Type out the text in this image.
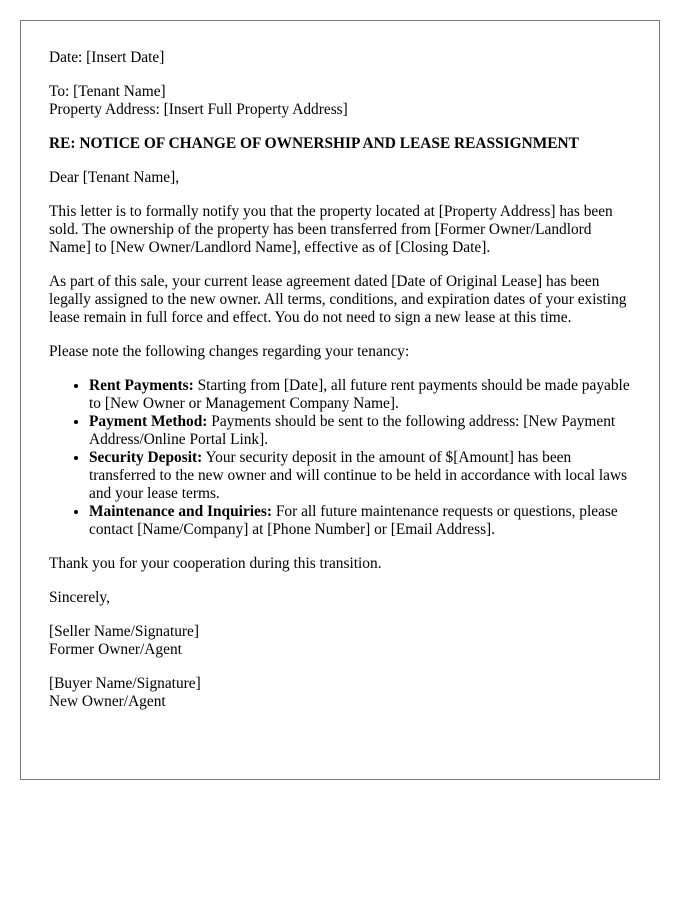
Date: [Insert Date]

To: [Tenant Name]

Property Address: [Insert Full Property Address]

RE: NOTICE OF CHANGE OF OWNERSHIP AND LEASE REASSIGNMENT

Dear [Tenant Name],

This letter is to formally notify you that the property located at [Property Address] has been sold. The ownership of the property has been transferred from [Former Owner/Landlord Name] to [New Owner/Landlord Name], effective as of [Closing Date].

As part of this sale, your current lease agreement dated [Date of Original Lease] has been legally assigned to the new owner. All terms, conditions, and expiration dates of your existing lease remain in full force and effect. You do not need to sign a new lease at this time.

Please note the following changes regarding your tenancy:

• Rent Payments: Starting from [Date], all future rent payments should be made payable to [New Owner or Management Company Name].
• Payment Method: Payments should be sent to the following address: [New Payment Address/Online Portal Link].
• Security Deposit: Your security deposit in the amount of $[Amount] has been transferred to the new owner and will continue to be held in accordance with local laws and your lease terms.
• Maintenance and Inquiries: For all future maintenance requests or questions, please contact [Name/Company] at [Phone Number] or [Email Address].

Thank you for your cooperation during this transition.

Sincerely,

[Seller Name/Signature]

Former Owner/Agent

[Buyer Name/Signature]

New Owner/Agent
